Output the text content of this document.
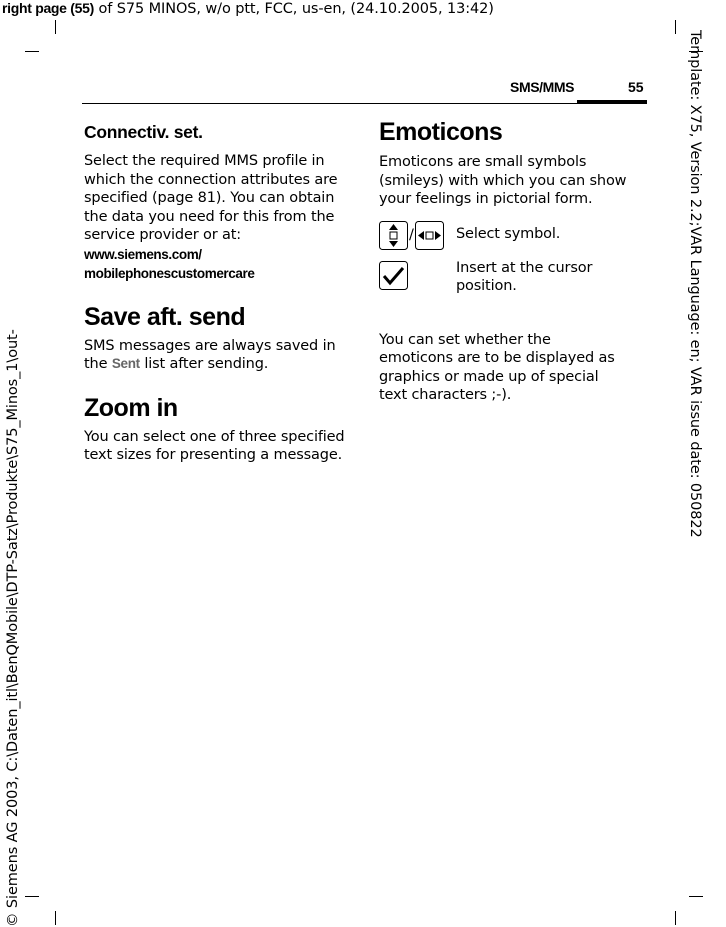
right page (55) of S75 MINOS, w/o ptt, FCC, us-en, (24.10.2005, 13:42)
SMS/MMS	55
Connectiv. set.

Select the required MMS profile in which the connection attributes are specified (page 81). You can obtain the data you need for this from the service provider or at:

www.siemens.com/
mobilephonescustomercare
Save aft. send

SMS messages are always saved in the Sent list after sending.

Zoom in

You can select one of three specified text sizes for presenting a message.

Emoticons

Emoticons are small symbols (smileys) with which you can show your feelings in pictorial form.

/	Select symbol.
Insert at the cursor position.

You can set whether the emoticons are to be displayed as graphics or made up of special text characters ;-).	Template: X75, Version 2.2;VAR Language: en; VAR issue date: 050822
© Siemens AG 2003, C:\Daten_itl\BenQMobile\DTP-Satz\Produkte\S75_Minos_1\out-
